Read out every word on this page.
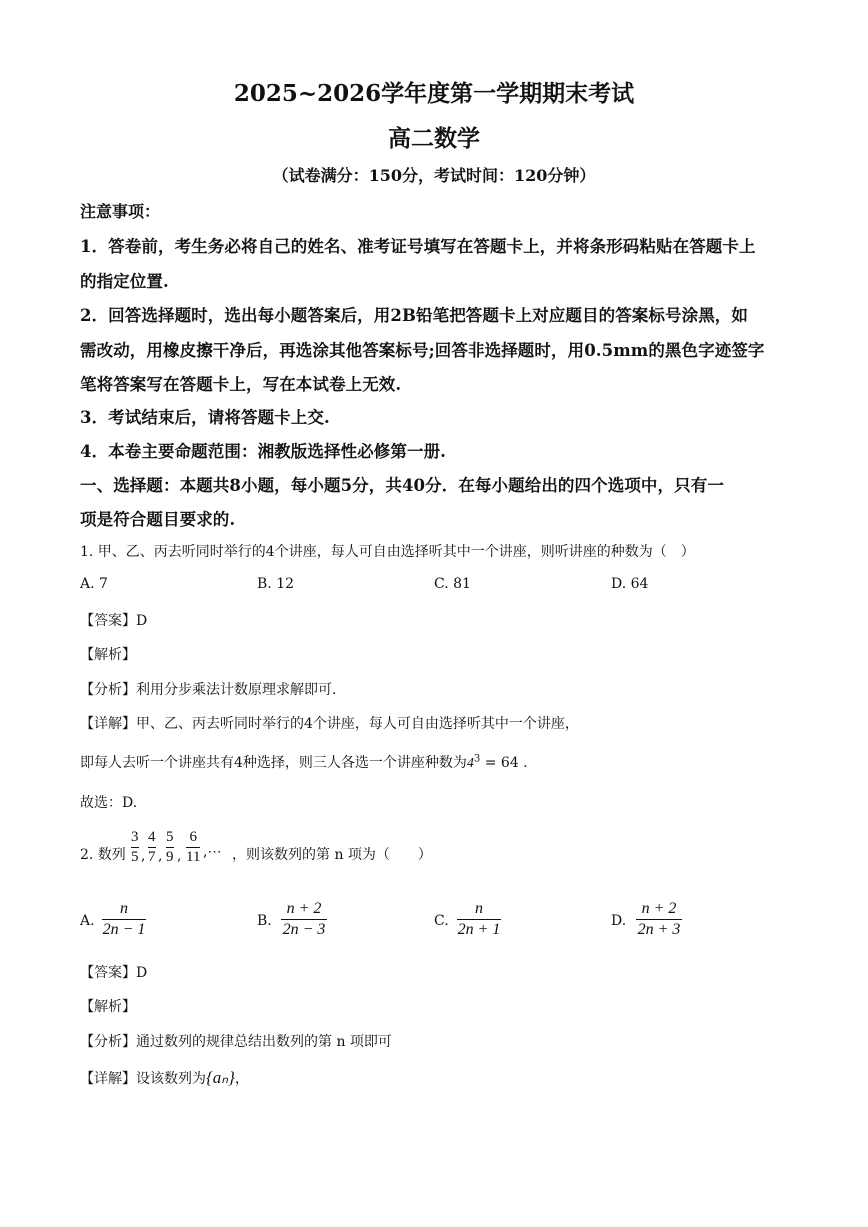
2025~2026学年度第一学期期末考试
高二数学
（试卷满分：150分，考试时间：120分钟）
注意事项：
1．答卷前，考生务必将自己的姓名、准考证号填写在答题卡上，并将条形码粘贴在答题卡上
的指定位置.
2．回答选择题时，选出每小题答案后，用2B铅笔把答题卡上对应题目的答案标号涂黑，如
需改动，用橡皮擦干净后，再选涂其他答案标号;回答非选择题时，用0.5mm的黑色字迹签字
笔将答案写在答题卡上，写在本试卷上无效.
3．考试结束后，请将答题卡上交.
4．本卷主要命题范围：湘教版选择性必修第一册.
一、选择题：本题共8小题，每小题5分，共40分．在每小题给出的四个选项中，只有一
项是符合题目要求的.
1. 甲、乙、丙去听同时举行的4个讲座，每人可自由选择听其中一个讲座，则听讲座的种数为（　）
A. 7	B. 12	C. 81	D. 64
【答案】D
【解析】
【分析】利用分步乘法计数原理求解即可.
【详解】甲、乙、丙去听同时举行的4个讲座，每人可自由选择听其中一个讲座，
即每人去听一个讲座共有4种选择，则三人各选一个讲座种数为$4^3 = 64$ .
故选：D.
2. 数列
3
5 ,
4
7 ,
5
9 ,
6
11 ,⋯ ，则该数列的第 n 项为（　　）
A.
n
2n − 1	B.
n + 2
2n − 3	C.
n
2n + 1	D.
n + 2
2n + 3
【答案】D
【解析】
【分析】通过数列的规律总结出数列的第 n 项即可
【详解】设该数列为{aₙ}，
